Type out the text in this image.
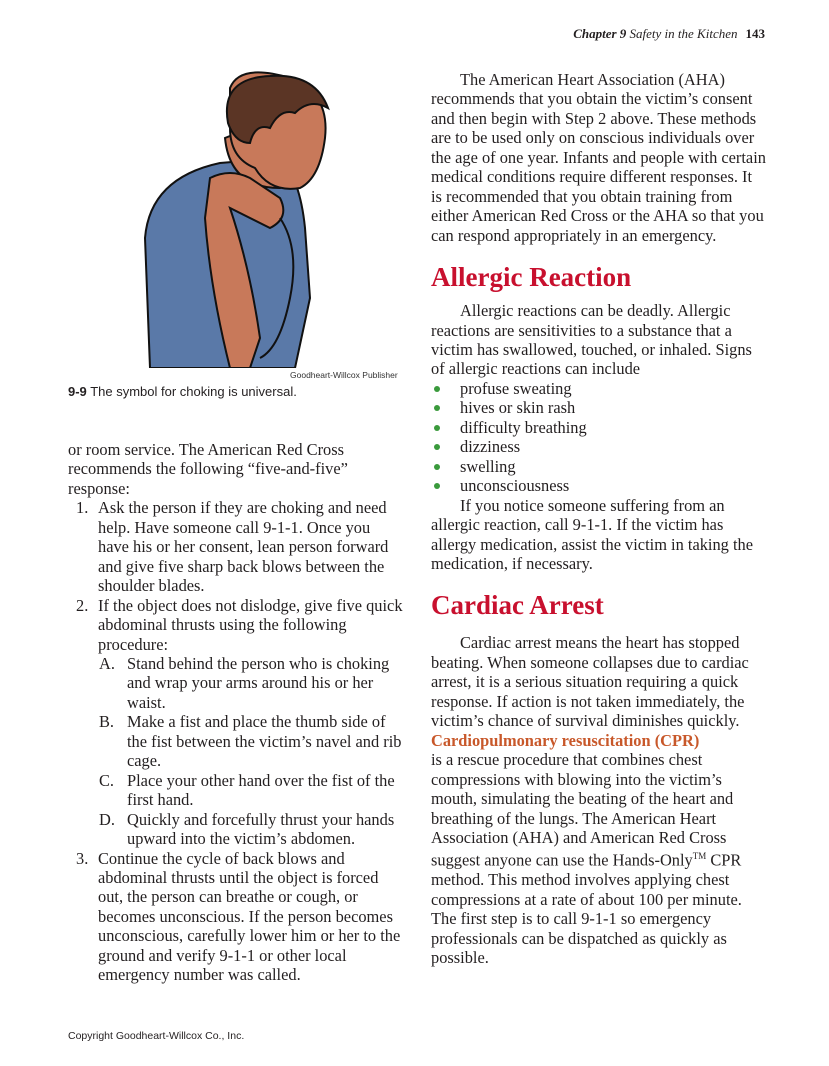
Chapter 9 Safety in the Kitchen 143
Goodheart-Willcox Publisher
9-9 The symbol for choking is universal.

or room service. The American Red Cross recommends the following “five-and-five” response:

1. Ask the person if they are choking and need help. Have someone call 9-1-1. Once you have his or her consent, lean person forward and give five sharp back blows between the shoulder blades.
2. If the object does not dislodge, give five quick abdominal thrusts using the following procedure:
A. Stand behind the person who is choking and wrap your arms around his or her waist.
B. Make a fist and place the thumb side of the fist between the victim’s navel and rib cage.
C. Place your other hand over the fist of the first hand.
D. Quickly and forcefully thrust your hands upward into the victim’s abdomen.
3. Continue the cycle of back blows and abdominal thrusts until the object is forced out, the person can breathe or cough, or becomes unconscious. If the person becomes unconscious, carefully lower him or her to the ground and verify 9-1-1 or other local emergency number was called.

The American Heart Association (AHA) recommends that you obtain the victim’s consent and then begin with Step 2 above. These methods are to be used only on conscious individuals over the age of one year. Infants and people with certain medical conditions require different responses. It is recommended that you obtain training from either American Red Cross or the AHA so that you can respond appropriately in an emergency.

Allergic Reaction

Allergic reactions can be deadly. Allergic reactions are sensitivities to a substance that a victim has swallowed, touched, or inhaled. Signs of allergic reactions can include

profuse sweating
hives or skin rash
difficulty breathing
dizziness
swelling
unconsciousness

If you notice someone suffering from an allergic reaction, call 9-1-1. If the victim has allergy medication, assist the victim in taking the medication, if necessary.

Cardiac Arrest

Cardiac arrest means the heart has stopped beating. When someone collapses due to cardiac arrest, it is a serious situation requiring a quick response. If action is not taken immediately, the victim’s chance of survival diminishes quickly.

Cardiopulmonary resuscitation (CPR)
is a rescue procedure that combines chest compressions with blowing into the victim’s mouth, simulating the beating of the heart and breathing of the lungs. The American Heart Association (AHA) and American Red Cross suggest anyone can use the Hands-Only™ CPR method. This method involves applying chest compressions at a rate of about 100 per minute. The first step is to call 9-1-1 so emergency professionals can be dispatched as quickly as possible.

Copyright Goodheart-Willcox Co., Inc.
